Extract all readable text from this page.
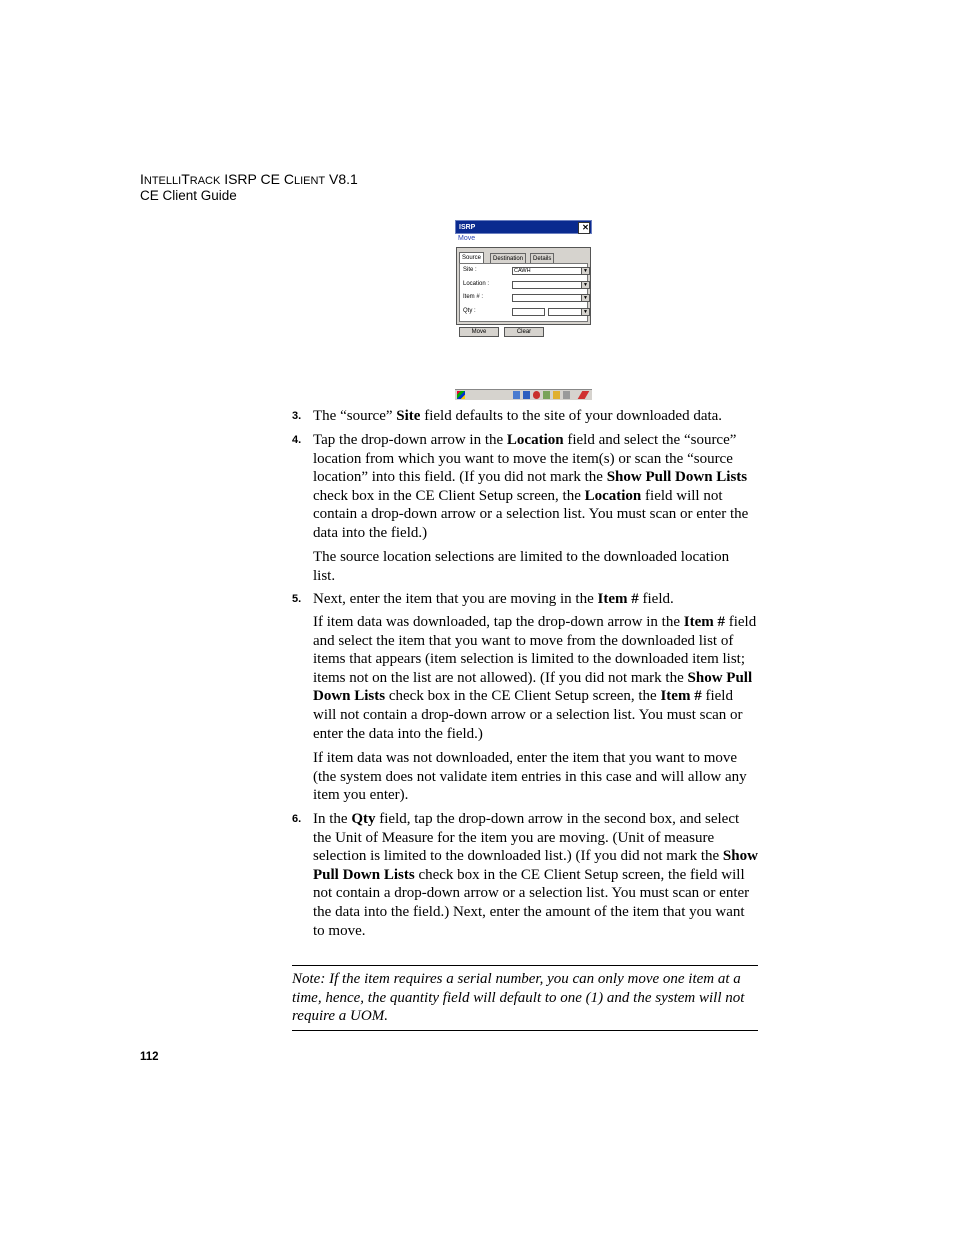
INTELLITRACK ISRP CE CLIENT V8.1
CE Client Guide
ISRP	✕
Move
Source	Destination	Details
Site :	CAWH	▼
Location :	▼
Item # :	▼
Qty :	▼
Move	Clear
3. The “source” Site field defaults to the site of your downloaded data.
4. Tap the drop-down arrow in the Location field and select the “source” location from which you want to move the item(s) or scan the “source location” into this field. (If you did not mark the Show Pull Down Lists check box in the CE Client Setup screen, the Location field will not contain a drop-down arrow or a selection list. You must scan or enter the data into the field.)
The source location selections are limited to the downloaded location list.
5. Next, enter the item that you are moving in the Item # field.
If item data was downloaded, tap the drop-down arrow in the Item # field and select the item that you want to move from the downloaded list of items that appears (item selection is limited to the downloaded item list; items not on the list are not allowed). (If you did not mark the Show Pull Down Lists check box in the CE Client Setup screen, the Item # field will not contain a drop-down arrow or a selection list. You must scan or enter the data into the field.)
If item data was not downloaded, enter the item that you want to move (the system does not validate item entries in this case and will allow any item you enter).
6. In the Qty field, tap the drop-down arrow in the second box, and select the Unit of Measure for the item you are moving. (Unit of measure selection is limited to the downloaded list.) (If you did not mark the Show Pull Down Lists check box in the CE Client Setup screen, the field will not contain a drop-down arrow or a selection list. You must scan or enter the data into the field.) Next, enter the amount of the item that you want to move.
Note: If the item requires a serial number, you can only move one item at a time, hence, the quantity field will default to one (1) and the system will not require a UOM.
112
